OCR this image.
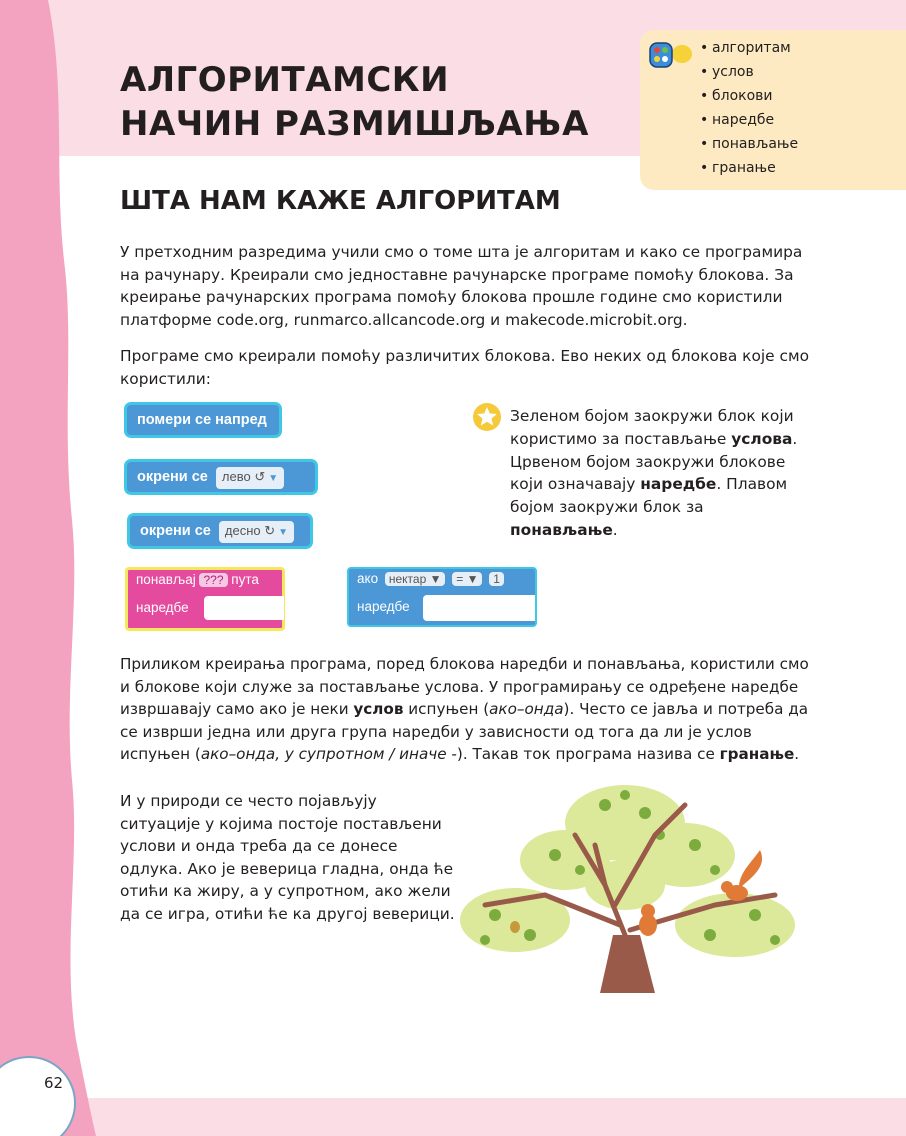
АЛГОРИТАМСКИ
НАЧИН РАЗМИШЉАЊА
• алгоритам
• услов
• блокови
• наредбе
• понављање
• гранање
ШТА НАМ КАЖЕ АЛГОРИТАМ

У претходним разредима учили смо о томе шта је алгоритам и како се програмира на рачунару. Креирали смо једноставне рачунарске програме помоћу блокова. За креирање рачунарских програма помоћу блокова прошле године смо користили платформе code.org, runmarco.allcancode.org и makecode.microbit.org.

Програме смо креирали помоћу различитих блокова. Ево неких од блокова које смо користили:

помери се напред
окрени се лево ↺ ▼
окрени се десно ↻ ▼
понављај ??? пута
наредбе
ако нектар ▼ = ▼ 1
наредбе

Зеленом бојом заокружи блок који користимо за постављање услова. Црвеном бојом заокружи блокове који означавају наредбе. Плавом бојом заокружи блок за понављање.

Приликом креирања програма, поред блокова наредби и понављања, користили смо и блокове који служе за постављање услова. У програмирању се одређене наредбе извршавају само ако је неки услов испуњен (ако–онда). Често се јавља и потреба да се изврши једна или друга група наредби у зависности од тога да ли је услов испуњен (ако–онда, у супротном / иначе -). Такав ток програма назива се гранање.

И у природи се често појављују ситуације у којима постоје постављени услови и онда треба да се донесе одлука. Ако је веверица гладна, онда ће отићи ка жиру, а у супротном, ако жели да се игра, отићи ће ка другој веверици.

62
